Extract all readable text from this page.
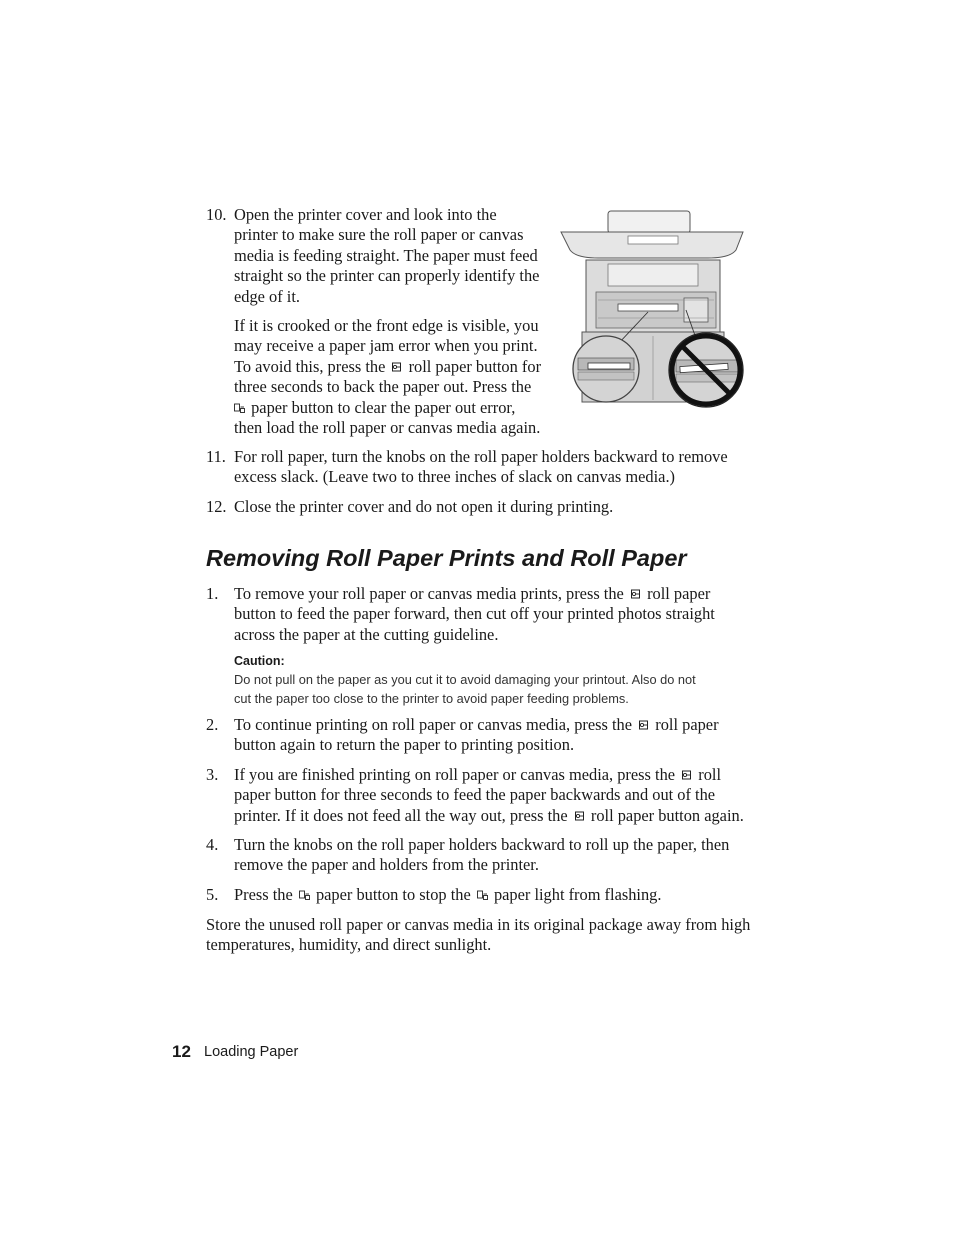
10. Open the printer cover and look into the
printer to make sure the roll paper or canvas
media is feeding straight. The paper must feed
straight so the printer can properly identify the
edge of it.
If it is crooked or the front edge is visible, you
may receive a paper jam error when you print.
To avoid this, press the roll paper button for
three seconds to back the paper out. Press the
paper button to clear the paper out error,
then load the roll paper or canvas media again.
11. For roll paper, turn the knobs on the roll paper holders backward to remove
excess slack. (Leave two to three inches of slack on canvas media.)
12. Close the printer cover and do not open it during printing.
Removing Roll Paper Prints and Roll Paper
1. To remove your roll paper or canvas media prints, press the roll paper
button to feed the paper forward, then cut off your printed photos straight
across the paper at the cutting guideline.
Caution:
Do not pull on the paper as you cut it to avoid damaging your printout. Also do not
cut the paper too close to the printer to avoid paper feeding problems.
2. To continue printing on roll paper or canvas media, press the roll paper
button again to return the paper to printing position.
3. If you are finished printing on roll paper or canvas media, press the roll
paper button for three seconds to feed the paper backwards and out of the
printer. If it does not feed all the way out, press the roll paper button again.
4. Turn the knobs on the roll paper holders backward to roll up the paper, then
remove the paper and holders from the printer.
5. Press the paper button to stop the paper light from flashing.
Store the unused roll paper or canvas media in its original package away from high
temperatures, humidity, and direct sunlight.
12 Loading Paper
